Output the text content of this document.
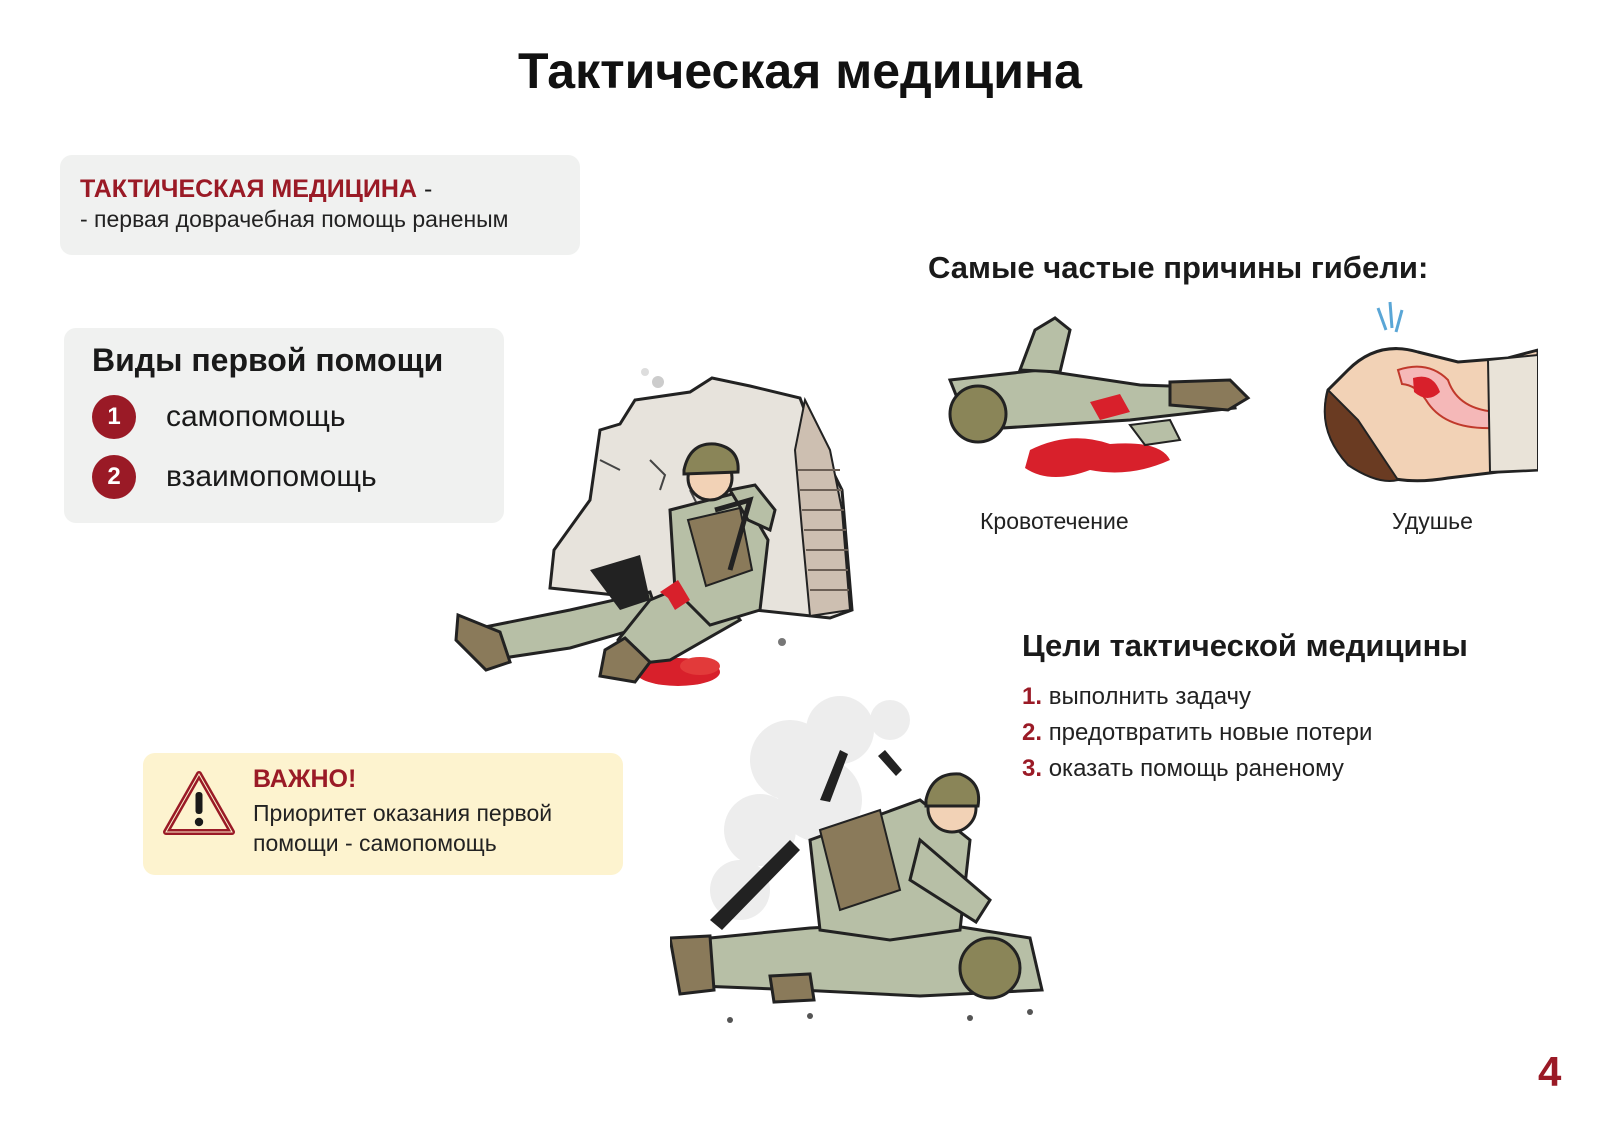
Тактическая медицина
ТАКТИЧЕСКАЯ МЕДИЦИНА -
- первая доврачебная помощь раненым
Виды первой помощи
1	самопомощь
2	взаимопомощь
ВАЖНО!
Приоритет оказания первой
помощи - самопомощь
Самые частые причины гибели:
Кровотечение	Удушье
Цели тактической медицины
1. выполнить задачу
2. предотвратить новые потери
3. оказать помощь раненому
4
